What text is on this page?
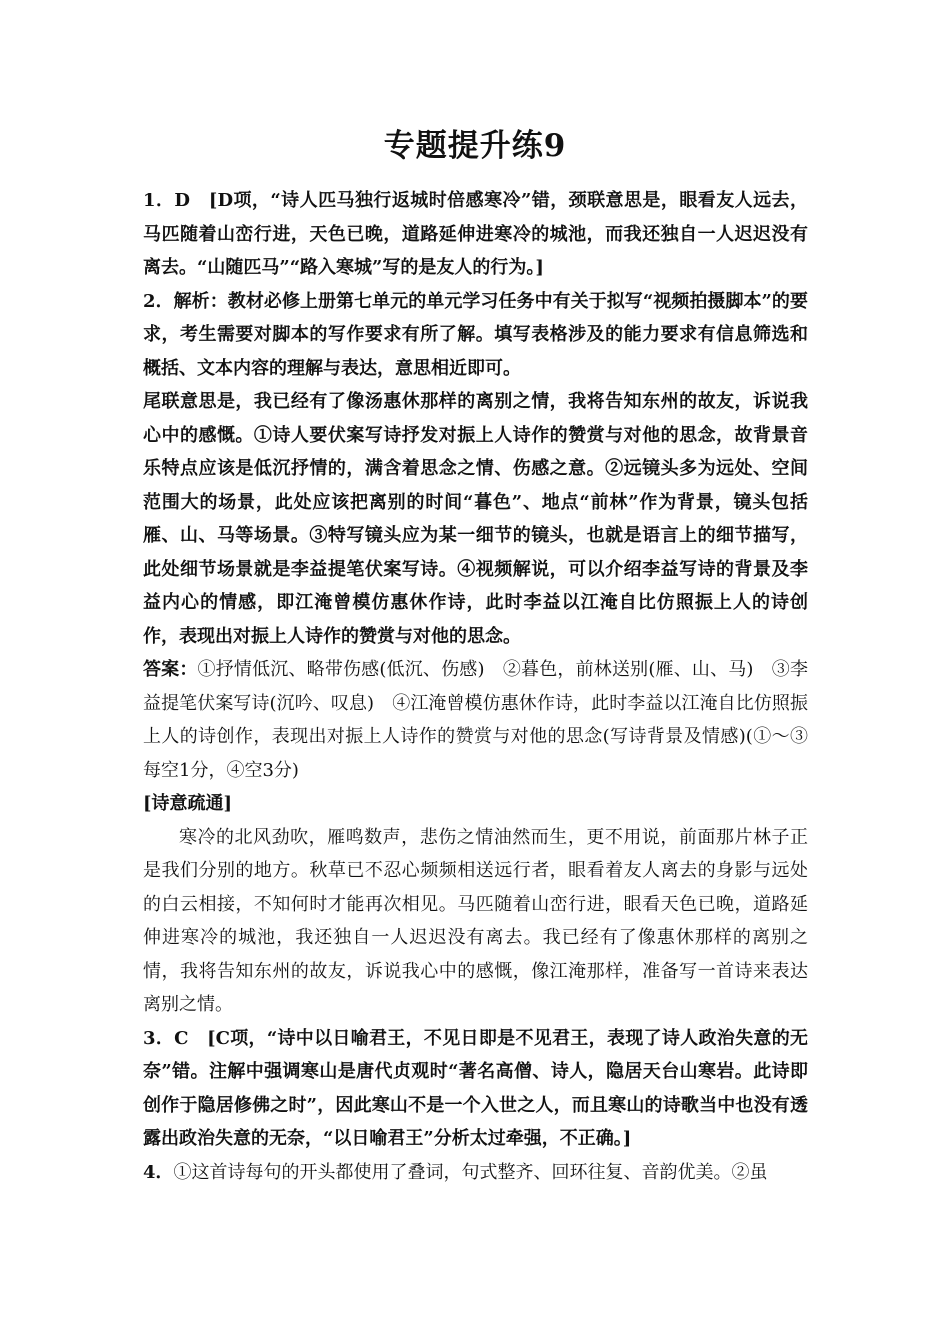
专题提升练9

1．D　 [D项，“诗人匹马独行返城时倍感寒冷”错，颈联意思是，眼看友人远去，马匹随着山峦行进，天色已晚，道路延伸进寒冷的城池，而我还独自一人迟迟没有离去。“山随匹马”“路入寒城”写的是友人的行为。]

2．解析：教材必修上册第七单元的单元学习任务中有关于拟写“视频拍摄脚本”的要求，考生需要对脚本的写作要求有所了解。填写表格涉及的能力要求有信息筛选和概括、文本内容的理解与表达，意思相近即可。

尾联意思是，我已经有了像汤惠休那样的离别之情，我将告知东州的故友，诉说我心中的感慨。①诗人要伏案写诗抒发对振上人诗作的赞赏与对他的思念，故背景音乐特点应该是低沉抒情的，满含着思念之情、伤感之意。②远镜头多为远处、空间范围大的场景，此处应该把离别的时间“暮色”、地点“前林”作为背景，镜头包括雁、山、马等场景。③特写镜头应为某一细节的镜头，也就是语言上的细节描写，此处细节场景就是李益提笔伏案写诗。④视频解说，可以介绍李益写诗的背景及李益内心的情感，即江淹曾模仿惠休作诗，此时李益以江淹自比仿照振上人的诗创作，表现出对振上人诗作的赞赏与对他的思念。

答案：①抒情低沉、略带伤感(低沉、伤感)　②暮色，前林送别(雁、山、马)　③李益提笔伏案写诗(沉吟、叹息)　④江淹曾模仿惠休作诗，此时李益以江淹自比仿照振上人的诗创作，表现出对振上人诗作的赞赏与对他的思念(写诗背景及情感)(①～③每空1分，④空3分)

[诗意疏通]

寒冷的北风劲吹，雁鸣数声，悲伤之情油然而生，更不用说，前面那片林子正是我们分别的地方。秋草已不忍心频频相送远行者，眼看着友人离去的身影与远处的白云相接，不知何时才能再次相见。马匹随着山峦行进，眼看天色已晚，道路延伸进寒冷的城池，我还独自一人迟迟没有离去。我已经有了像惠休那样的离别之情，我将告知东州的故友，诉说我心中的感慨，像江淹那样，准备写一首诗来表达离别之情。

3．C　 [C项，“诗中以日喻君王，不见日即是不见君王，表现了诗人政治失意的无奈”错。注解中强调寒山是唐代贞观时“著名高僧、诗人，隐居天台山寒岩。此诗即创作于隐居修佛之时”，因此寒山不是一个入世之人，而且寒山的诗歌当中也没有透露出政治失意的无奈，“以日喻君王”分析太过牵强，不正确。]

4．①这首诗每句的开头都使用了叠词，句式整齐、回环往复、音韵优美。②虽
